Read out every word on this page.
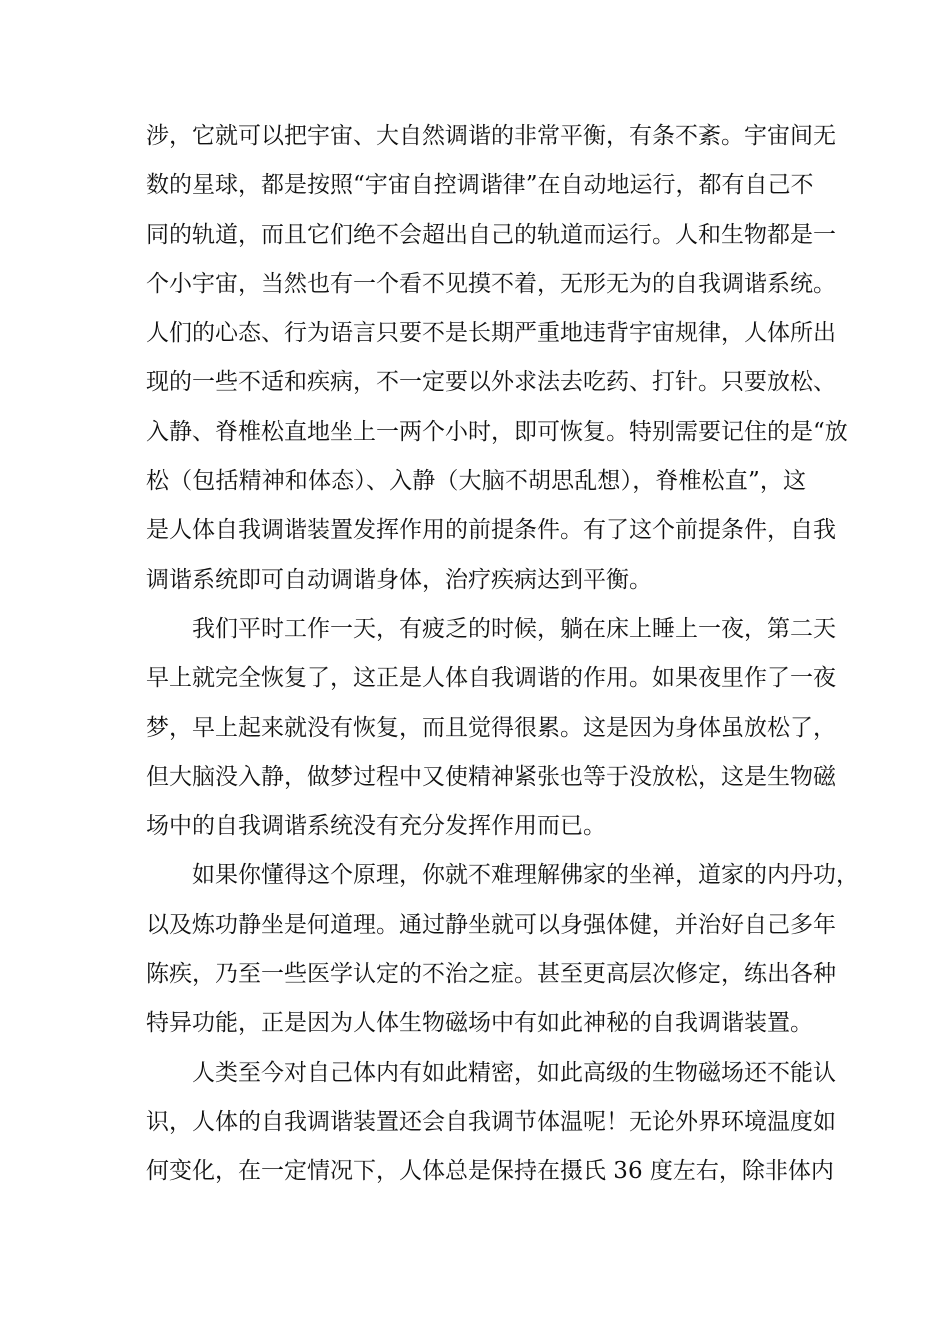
涉，它就可以把宇宙、大自然调谐的非常平衡，有条不紊。宇宙间无
数的星球，都是按照“宇宙自控调谐律”在自动地运行，都有自己不
同的轨道，而且它们绝不会超出自己的轨道而运行。人和生物都是一
个小宇宙，当然也有一个看不见摸不着，无形无为的自我调谐系统。
人们的心态、行为语言只要不是长期严重地违背宇宙规律，人体所出
现的一些不适和疾病，不一定要以外求法去吃药、打针。只要放松、
入静、脊椎松直地坐上一两个小时，即可恢复。特别需要记住的是“放
松（包括精神和体态）、入静（大脑不胡思乱想），脊椎松直”，这
是人体自我调谐装置发挥作用的前提条件。有了这个前提条件，自我
调谐系统即可自动调谐身体，治疗疾病达到平衡。
我们平时工作一天，有疲乏的时候，躺在床上睡上一夜，第二天
早上就完全恢复了，这正是人体自我调谐的作用。如果夜里作了一夜
梦，早上起来就没有恢复，而且觉得很累。这是因为身体虽放松了，
但大脑没入静，做梦过程中又使精神紧张也等于没放松，这是生物磁
场中的自我调谐系统没有充分发挥作用而已。
如果你懂得这个原理，你就不难理解佛家的坐禅，道家的内丹功，
以及炼功静坐是何道理。通过静坐就可以身强体健，并治好自己多年
陈疾，乃至一些医学认定的不治之症。甚至更高层次修定，练出各种
特异功能，正是因为人体生物磁场中有如此神秘的自我调谐装置。
人类至今对自己体内有如此精密，如此高级的生物磁场还不能认
识，人体的自我调谐装置还会自我调节体温呢！无论外界环境温度如
何变化，在一定情况下，人体总是保持在摄氏 36 度左右，除非体内
